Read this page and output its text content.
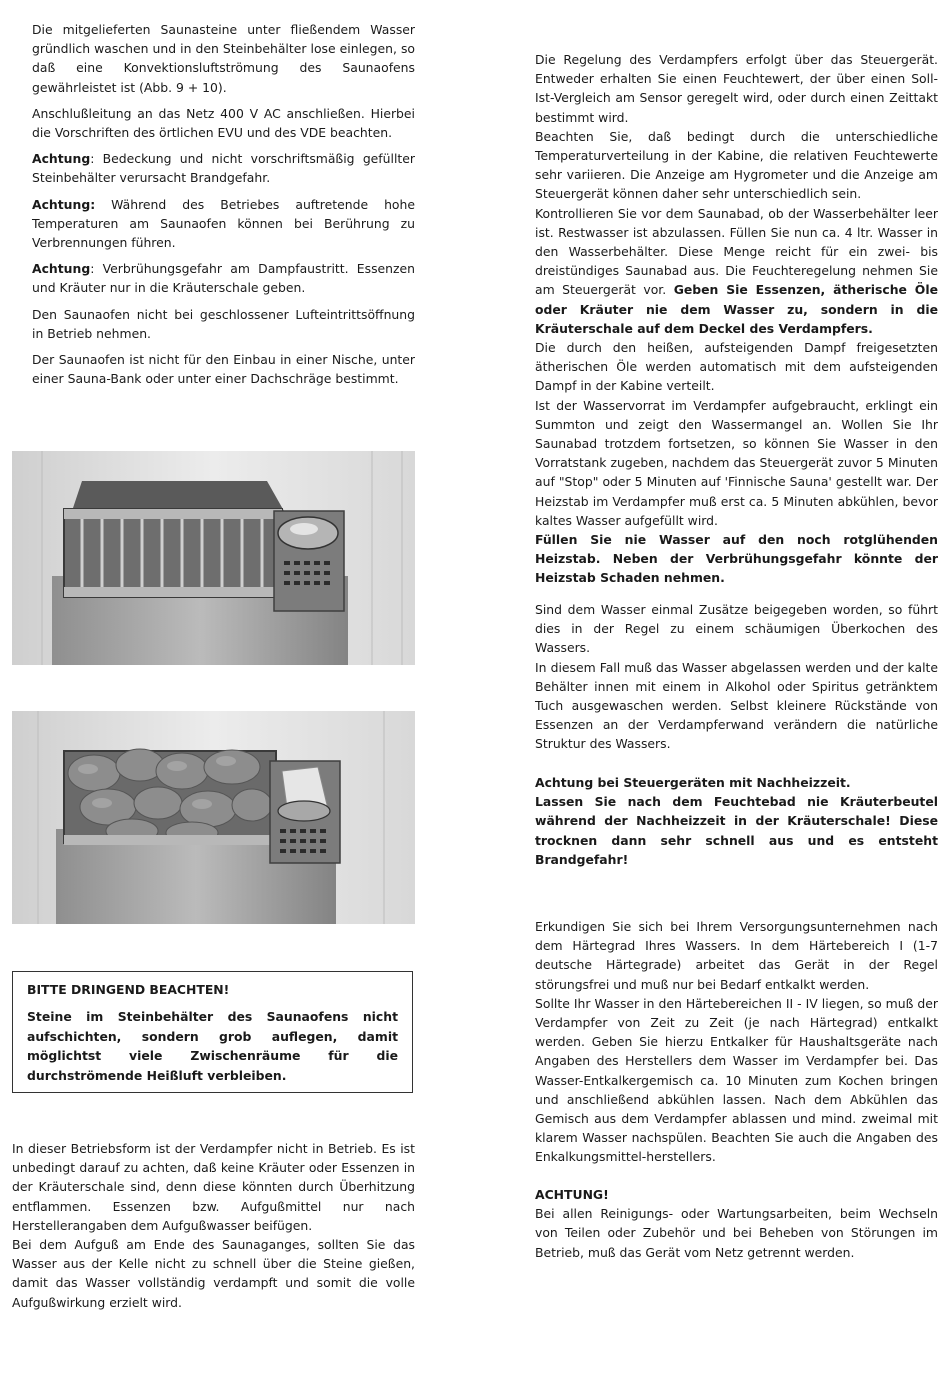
Die mitgelieferten Saunasteine unter fließendem Wasser gründlich waschen und in den Steinbehälter lose einlegen, so daß eine Konvektionsluftströmung des Saunaofens gewährleistet ist (Abb. 9 + 10).

Anschlußleitung an das Netz 400 V AC anschließen. Hierbei die Vorschriften des örtlichen EVU und des VDE beachten.

Achtung: Bedeckung und nicht vorschriftsmäßig gefüllter Steinbehälter verursacht Brandgefahr.

Achtung: Während des Betriebes auftretende hohe Temperaturen am Saunaofen können bei Berührung zu Verbrennungen führen.

Achtung: Verbrühungsgefahr am Dampfaustritt. Essenzen und Kräuter nur in die Kräuterschale geben.

Den Saunaofen nicht bei geschlossener Lufteintrittsöffnung in Betrieb nehmen.

Der Saunaofen ist nicht für den Einbau in einer Nische, unter einer Sauna-Bank oder unter einer Dachschräge bestimmt.

BITTE DRINGEND BEACHTEN!
Steine im Steinbehälter des Saunaofens nicht aufschichten, sondern grob auflegen, damit möglichtst viele Zwischenräume für die durchströmende Heißluft verbleiben.

In dieser Betriebsform ist der Verdampfer nicht in Betrieb. Es ist unbedingt darauf zu achten, daß keine Kräuter oder Essenzen in der Kräuterschale sind, denn diese könnten durch Überhitzung entflammen. Essenzen bzw. Aufgußmittel nur nach Herstellerangaben dem Aufgußwasser beifügen.

Bei dem Aufguß am Ende des Saunaganges, sollten Sie das Wasser aus der Kelle nicht zu schnell über die Steine gießen, damit das Wasser vollständig verdampft und somit die volle Aufgußwirkung erzielt wird.

Die Regelung des Verdampfers erfolgt über das Steuergerät. Entweder erhalten Sie einen Feuchtewert, der über einen Soll-Ist-Vergleich am Sensor geregelt wird, oder durch einen Zeittakt bestimmt wird.

Beachten Sie, daß bedingt durch die unterschiedliche Temperaturverteilung in der Kabine, die relativen Feuchtewerte sehr variieren. Die Anzeige am Hygrometer und die Anzeige am Steuergerät können daher sehr unterschiedlich sein.

Kontrollieren Sie vor dem Saunabad, ob der Wasserbehälter leer ist. Restwasser ist abzulassen. Füllen Sie nun ca. 4 ltr. Wasser in den Wasserbehälter. Diese Menge reicht für ein zwei- bis dreistündiges Saunabad aus. Die Feuchteregelung nehmen Sie am Steuergerät vor. Geben Sie Essenzen, ätherische Öle oder Kräuter nie dem Wasser zu, sondern in die Kräuterschale auf dem Deckel des Verdampfers.

Die durch den heißen, aufsteigenden Dampf freigesetzten ätherischen Öle werden automatisch mit dem aufsteigenden Dampf in der Kabine verteilt.

Ist der Wasservorrat im Verdampfer aufgebraucht, erklingt ein Summton und zeigt den Wassermangel an. Wollen Sie Ihr Saunabad trotzdem fortsetzen, so können Sie Wasser in den Vorratstank zugeben, nachdem das Steuergerät zuvor 5 Minuten auf "Stop" oder 5 Minuten auf 'Finnische Sauna' gestellt war. Der Heizstab im Verdampfer muß erst ca. 5 Minuten abkühlen, bevor kaltes Wasser aufgefüllt wird.

Füllen Sie nie Wasser auf den noch rotglühenden Heizstab. Neben der Verbrühungsgefahr könnte der Heizstab Schaden nehmen.

Sind dem Wasser einmal Zusätze beigegeben worden, so führt dies in der Regel zu einem schäumigen Überkochen des Wassers.

In diesem Fall muß das Wasser abgelassen werden und der kalte Behälter innen mit einem in Alkohol oder Spiritus getränktem Tuch ausgewaschen werden. Selbst kleinere Rückstände von Essenzen an der Verdampferwand verändern die natürliche Struktur des Wassers.

Achtung bei Steuergeräten mit Nachheizzeit.

Lassen Sie nach dem Feuchtebad nie Kräuterbeutel während der Nachheizzeit in der Kräuterschale! Diese trocknen dann sehr schnell aus und es entsteht Brandgefahr!

Erkundigen Sie sich bei Ihrem Versorgungsunternehmen nach dem Härtegrad Ihres Wassers. In dem Härtebereich I (1-7 deutsche Härtegrade) arbeitet das Gerät in der Regel störungsfrei und muß nur bei Bedarf entkalkt werden.

Sollte Ihr Wasser in den Härtebereichen II - IV liegen, so muß der Verdampfer von Zeit zu Zeit (je nach Härtegrad) entkalkt werden. Geben Sie hierzu Entkalker für Haushaltsgeräte nach Angaben des Herstellers dem Wasser im Verdampfer bei. Das Wasser-Entkalkergemisch ca. 10 Minuten zum Kochen bringen und anschließend abkühlen lassen. Nach dem Abkühlen das Gemisch aus dem Verdampfer ablassen und mind. zweimal mit klarem Wasser nachspülen. Beachten Sie auch die Angaben des Enkalkungsmittel-herstellers.

ACHTUNG!

Bei allen Reinigungs- oder Wartungsarbeiten, beim Wechseln von Teilen oder Zubehör und bei Beheben von Störungen im Betrieb, muß das Gerät vom Netz getrennt werden.
